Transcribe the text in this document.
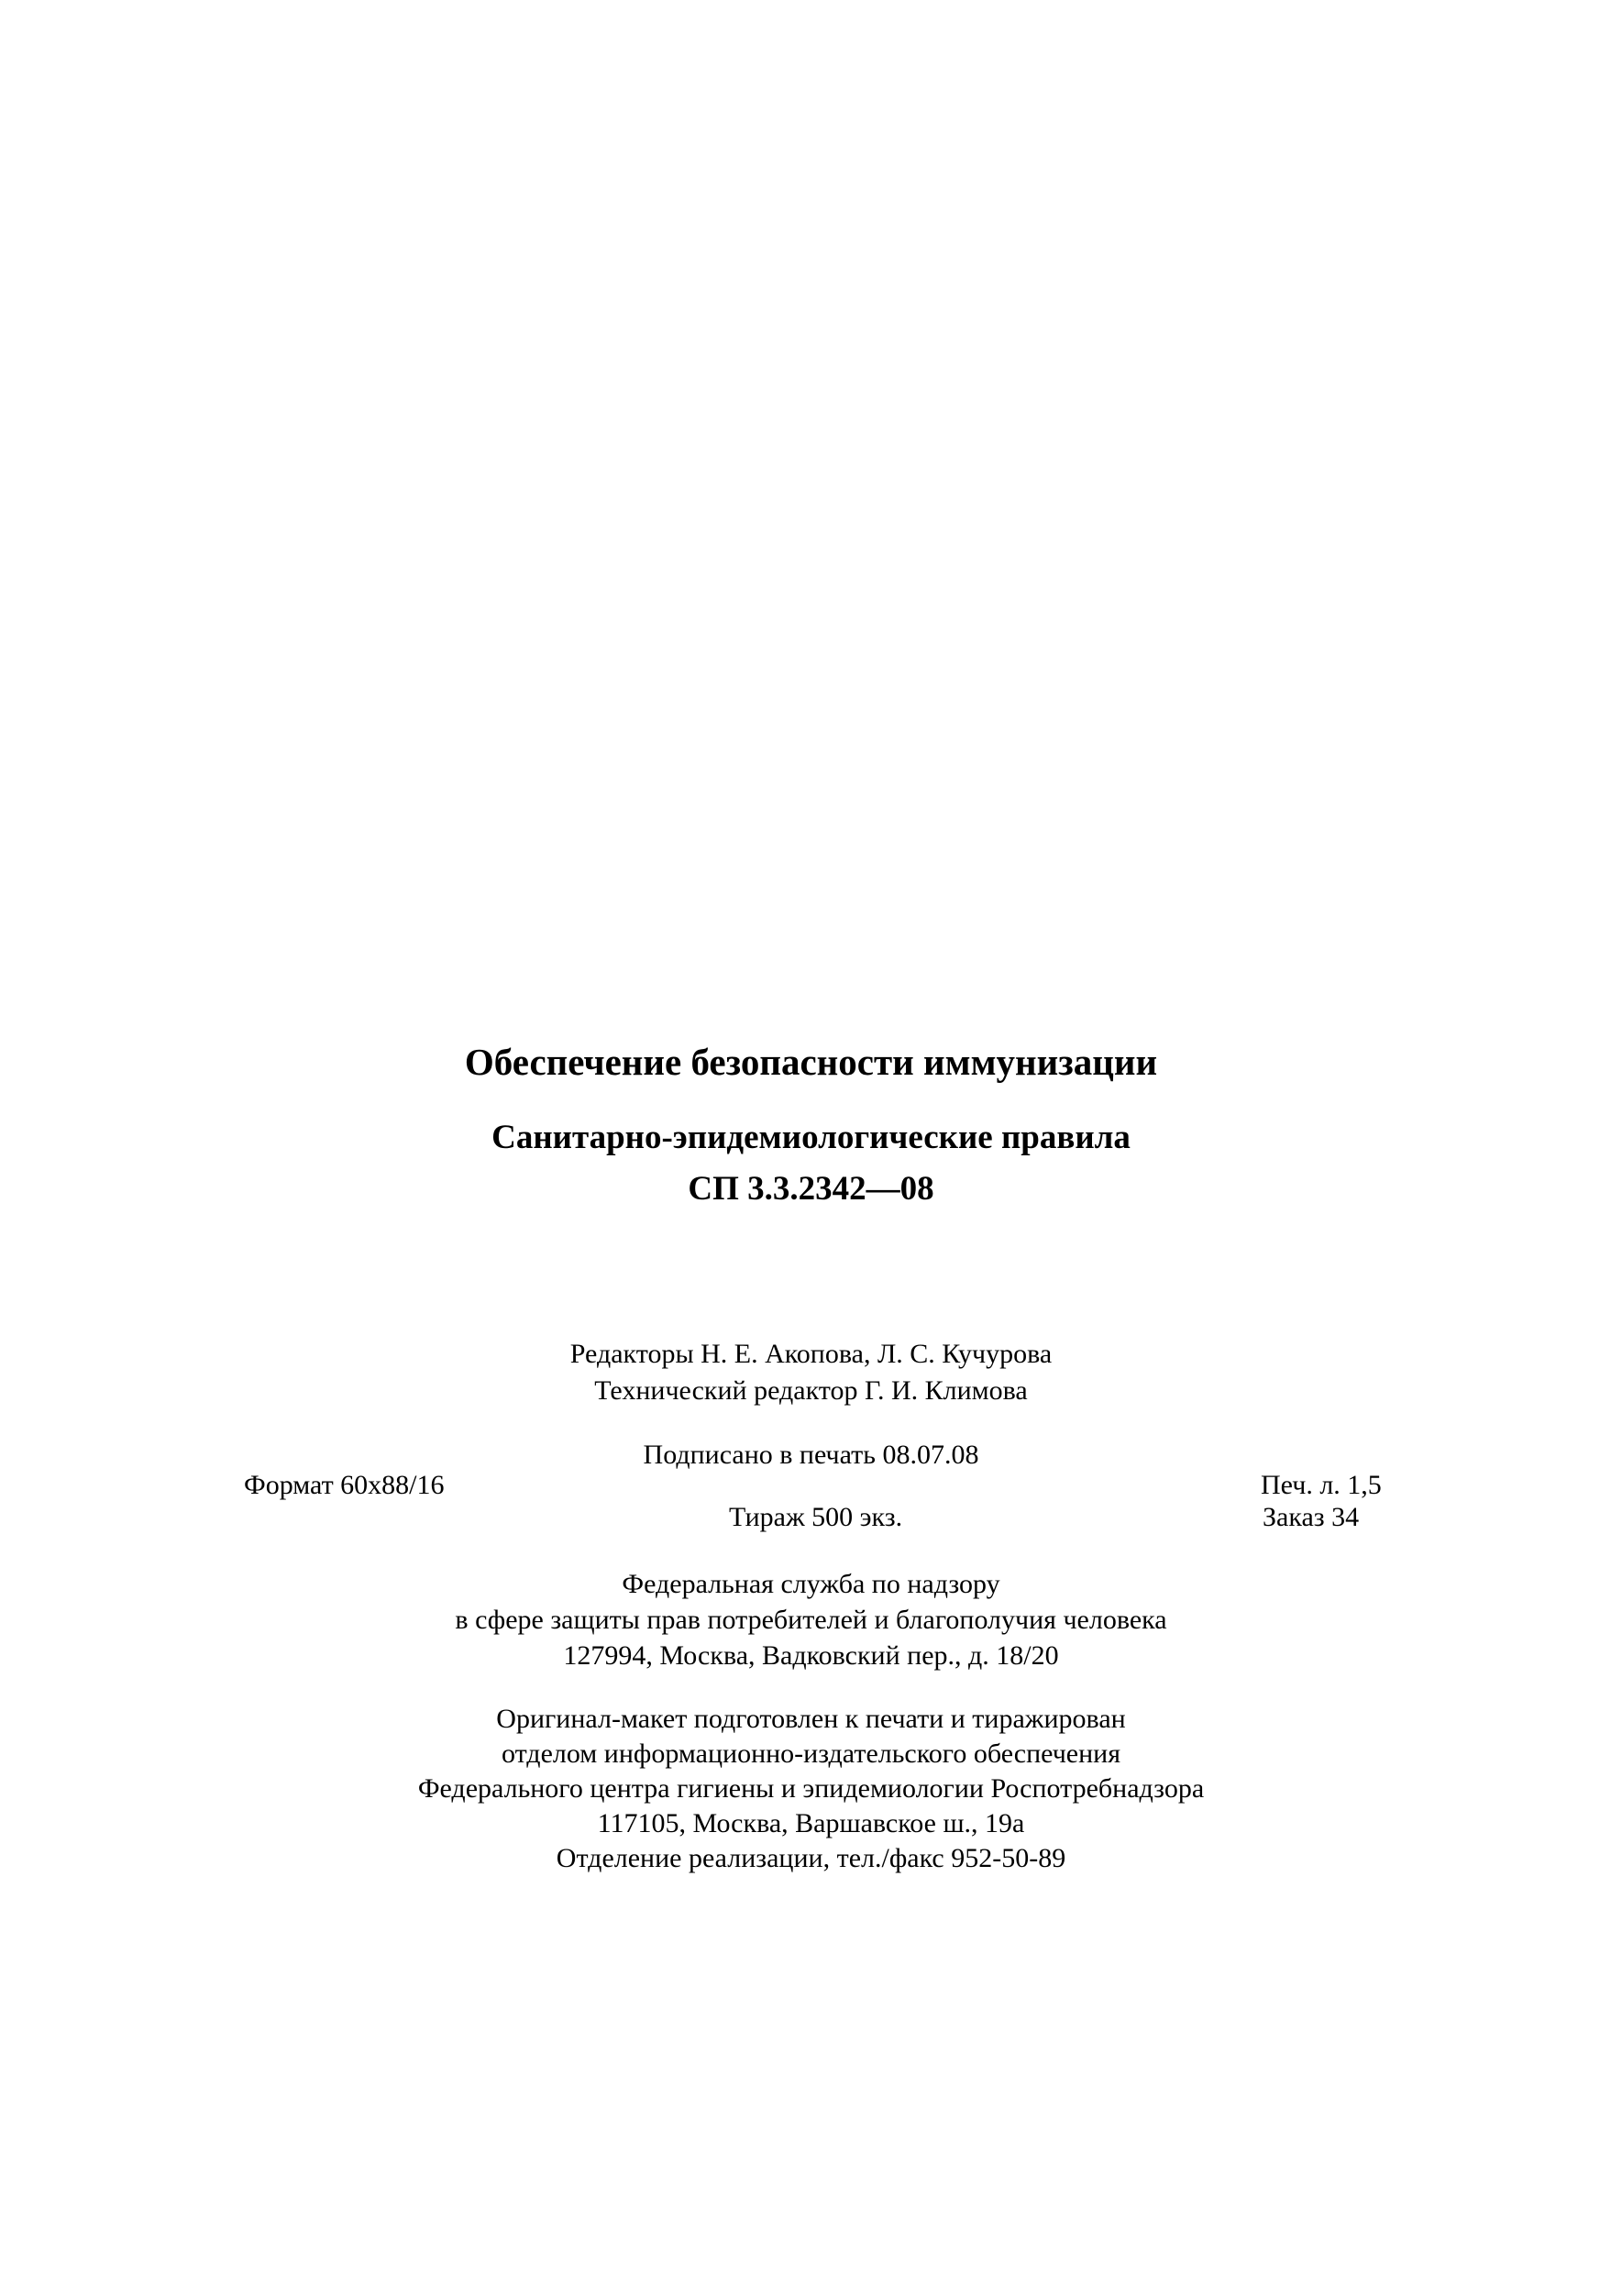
Обеспечение безопасности иммунизации
Санитарно-эпидемиологические правила
СП 3.3.2342—08
Редакторы Н. Е. Акопова, Л. С. Кучурова
Технический редактор Г. И. Климова
Подписано в печать 08.07.08
Формат 60х88/16	Печ. л. 1,5
Тираж 500 экз.	Заказ 34
Федеральная служба по надзору
в сфере защиты прав потребителей и благополучия человека
127994, Москва, Вадковский пер., д. 18/20
Оригинал-макет подготовлен к печати и тиражирован
отделом информационно-издательского обеспечения
Федерального центра гигиены и эпидемиологии Роспотребнадзора
117105, Москва, Варшавское ш., 19а
Отделение реализации, тел./факс 952-50-89
